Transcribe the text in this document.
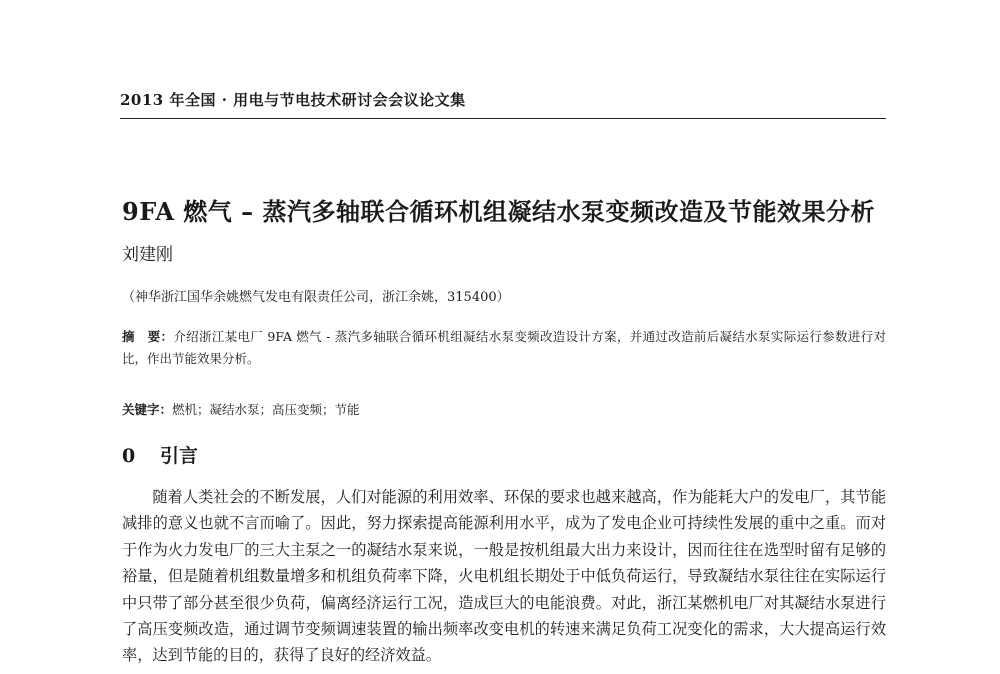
2013 年全国 · 用电与节电技术研讨会会议论文集
9FA 燃气 – 蒸汽多轴联合循环机组凝结水泵变频改造及节能效果分析
刘建刚
（神华浙江国华余姚燃气发电有限责任公司，浙江余姚，315400）
摘　要：介绍浙江某电厂 9FA 燃气 - 蒸汽多轴联合循环机组凝结水泵变频改造设计方案，并通过改造前后凝结水泵实际运行参数进行对比，作出节能效果分析。
关键字：燃机；凝结水泵；高压变频；节能
0 引言
随着人类社会的不断发展，人们对能源的利用效率、环保的要求也越来越高，作为能耗大户的发电厂，其节能减排的意义也就不言而喻了。因此，努力探索提高能源利用水平，成为了发电企业可持续性发展的重中之重。而对于作为火力发电厂的三大主泵之一的凝结水泵来说，一般是按机组最大出力来设计，因而往往在选型时留有足够的裕量，但是随着机组数量增多和机组负荷率下降，火电机组长期处于中低负荷运行，导致凝结水泵往往在实际运行中只带了部分甚至很少负荷，偏离经济运行工况，造成巨大的电能浪费。对此，浙江某燃机电厂对其凝结水泵进行了高压变频改造，通过调节变频调速装置的输出频率改变电机的转速来满足负荷工况变化的需求，大大提高运行效率，达到节能的目的，获得了良好的经济效益。
